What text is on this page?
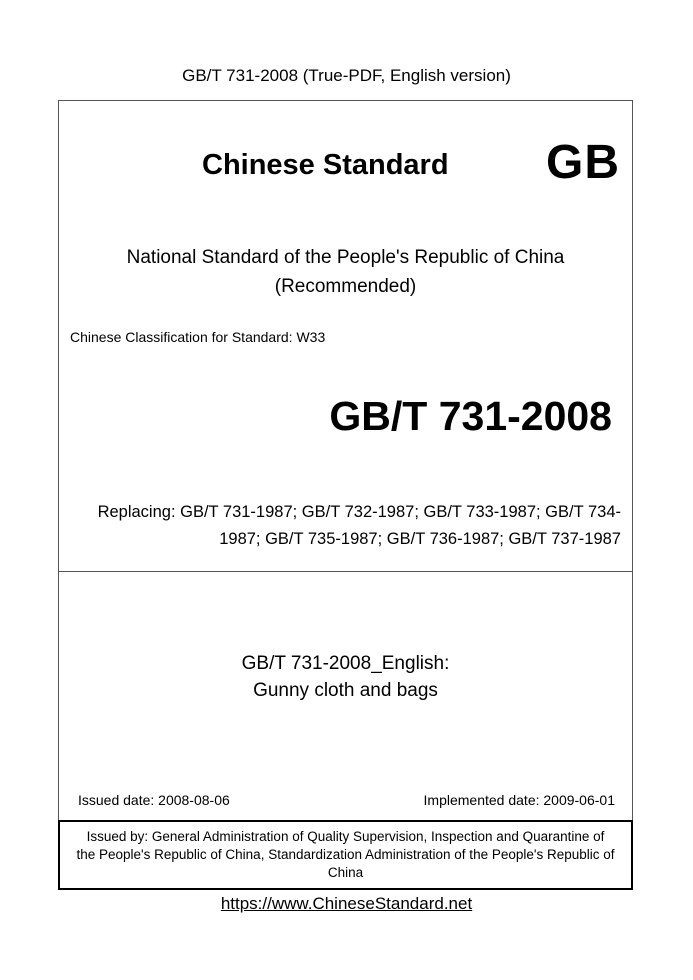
GB/T 731-2008 (True-PDF, English version)
Chinese Standard GB
National Standard of the People's Republic of China
(Recommended)
Chinese Classification for Standard: W33
GB/T 731-2008
Replacing: GB/T 731-1987; GB/T 732-1987; GB/T 733-1987; GB/T 734-
1987; GB/T 735-1987; GB/T 736-1987; GB/T 737-1987
GB/T 731-2008_English:
Gunny cloth and bags
Issued date: 2008-08-06	Implemented date: 2009-06-01
Issued by: General Administration of Quality Supervision, Inspection and Quarantine of
the People's Republic of China, Standardization Administration of the People's Republic of
China
https://www.ChineseStandard.net
